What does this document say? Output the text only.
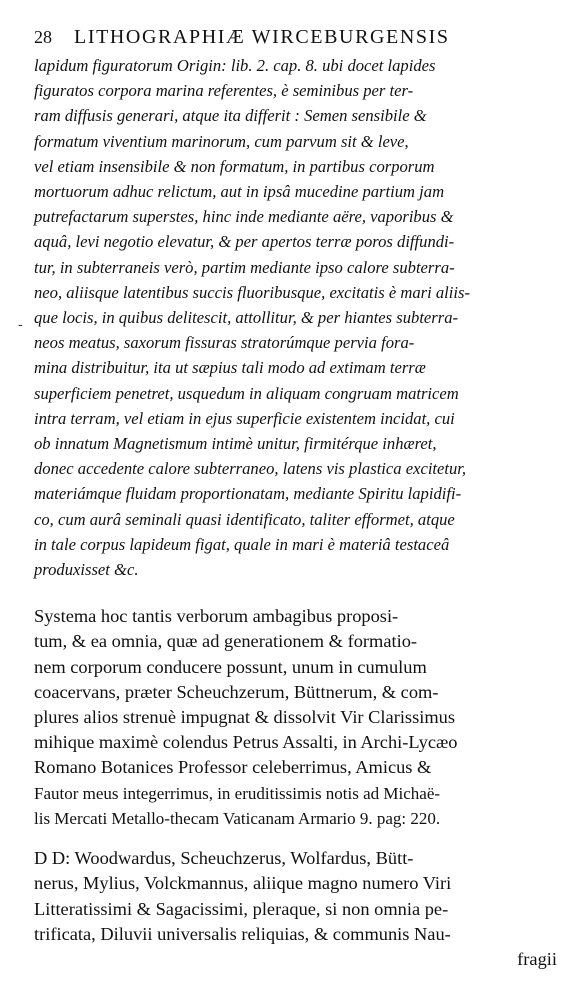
28 LITHOGRAPHIÆ WIRCEBURGENSIS
lapidum figuratorum Origin: lib. 2. cap. 8. ubi docet lapides
figuratos corpora marina referentes, è seminibus per ter-
ram diffusis generari, atque ita differit : Semen sensibile &
formatum viventium marinorum, cum parvum sit & leve,
vel etiam insensibile & non formatum, in partibus corporum
mortuorum adhuc relictum, aut in ipsâ mucedine partium jam
putrefactarum superstes, hinc inde mediante aëre, vaporibus &
aquâ, levi negotio elevatur, & per apertos terræ poros diffundi-
tur, in subterraneis verò, partim mediante ipso calore subterra-
neo, aliisque latentibus succis fluoribusque, excitatis è mari aliis-
que locis, in quibus delitescit, attollitur, & per hiantes subterra-
neos meatus, saxorum fissuras stratorúmque pervia fora-
mina distribuitur, ita ut sæpius tali modo ad extimam terræ
superficiem penetret, usquedum in aliquam congruam matricem
intra terram, vel etiam in ejus superficie existentem incidat, cui
ob innatum Magnetismum intimè unitur, firmitérque inhæret,
donec accedente calore subterraneo, latens vis plastica excitetur,
materiámque fluidam proportionatam, mediante Spiritu lapidifi-
co, cum aurâ seminali quasi identificato, taliter efformet, atque
in tale corpus lapideum figat, quale in mari è materiâ testaceâ
produxisset &c.
Systema hoc tantis verborum ambagibus proposi-
tum, & ea omnia, quæ ad generationem & formatio-
nem corporum conducere possunt, unum in cumulum
coacervans, præter Scheuchzerum, Büttnerum, & com-
plures alios strenuè impugnat & dissolvit Vir Clarissimus
mihique maximè colendus Petrus Assalti, in Archi-Lycæo
Romano Botanices Professor celeberrimus, Amicus &
Fautor meus integerrimus, in eruditissimis notis ad Michaë-
lis Mercati Metallo-thecam Vaticanam Armario 9. pag: 220.
D D: Woodwardus, Scheuchzerus, Wolfardus, Bütt-
nerus, Mylius, Volckmannus, aliique magno numero Viri
Litteratissimi & Sagacissimi, pleraque, si non omnia pe-
trificata, Diluvii universalis reliquias, & communis Nau-
fragii
-
